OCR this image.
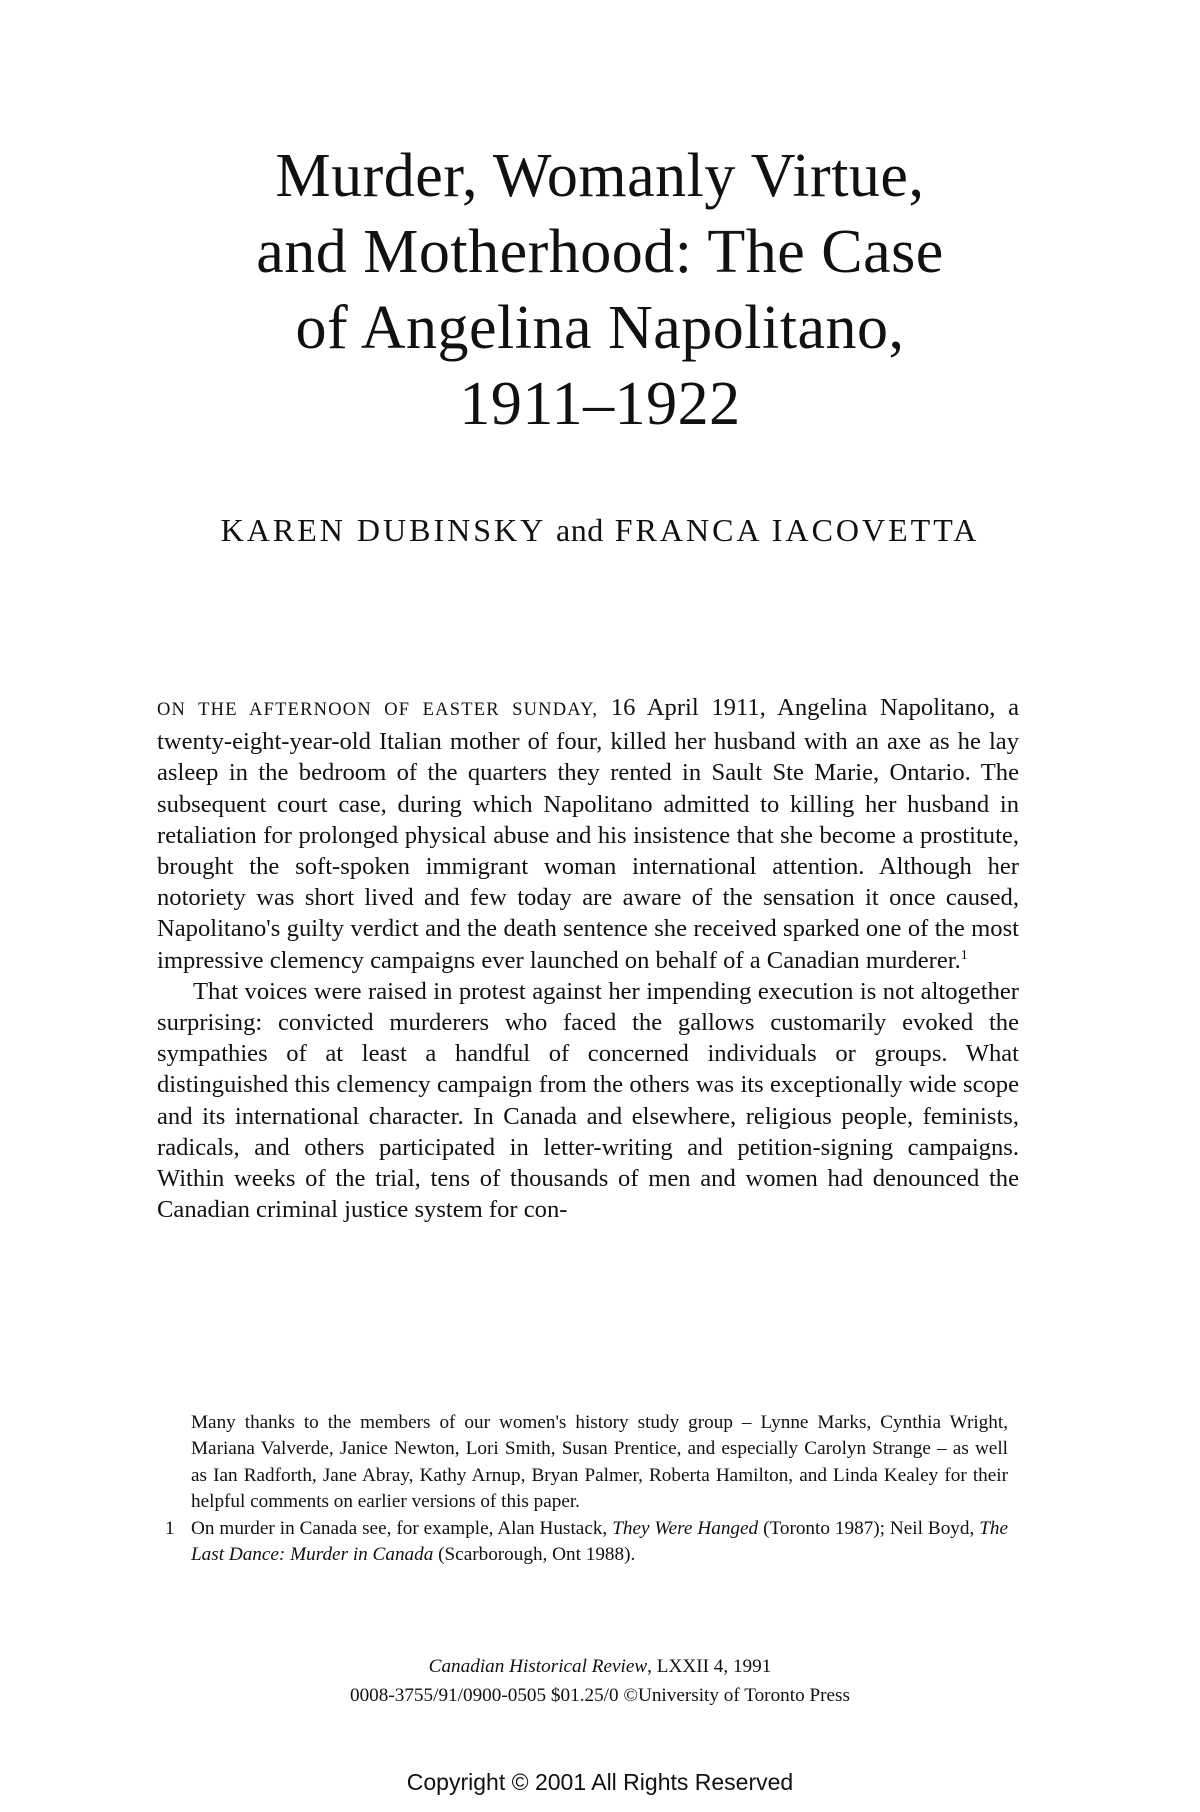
Murder, Womanly Virtue,
and Motherhood: The Case
of Angelina Napolitano,
1911–1922
KAREN DUBINSKY and FRANCA IACOVETTA

ON THE AFTERNOON OF EASTER SUNDAY, 16 April 1911, Angelina Napolitano, a twenty-eight-year-old Italian mother of four, killed her husband with an axe as he lay asleep in the bedroom of the quarters they rented in Sault Ste Marie, Ontario. The subsequent court case, during which Napolitano admitted to killing her husband in retaliation for prolonged physical abuse and his insistence that she become a prostitute, brought the soft-spoken immigrant woman international attention. Although her notoriety was short lived and few today are aware of the sensation it once caused, Napolitano's guilty verdict and the death sentence she received sparked one of the most impressive clemency campaigns ever launched on behalf of a Canadian murderer.$^1$

That voices were raised in protest against her impending execution is not altogether surprising: convicted murderers who faced the gallows customarily evoked the sympathies of at least a handful of concerned individuals or groups. What distinguished this clemency campaign from the others was its exceptionally wide scope and its international character. In Canada and elsewhere, religious people, feminists, radicals, and others participated in letter-writing and petition-signing campaigns. Within weeks of the trial, tens of thousands of men and women had denounced the Canadian criminal justice system for con-

Many thanks to the members of our women's history study group – Lynne Marks, Cynthia Wright, Mariana Valverde, Janice Newton, Lori Smith, Susan Prentice, and especially Carolyn Strange – as well as Ian Radforth, Jane Abray, Kathy Arnup, Bryan Palmer, Roberta Hamilton, and Linda Kealey for their helpful comments on earlier versions of this paper.

1 On murder in Canada see, for example, Alan Hustack, They Were Hanged (Toronto 1987); Neil Boyd, The Last Dance: Murder in Canada (Scarborough, Ont 1988).

Canadian Historical Review, LXXII 4, 1991
0008-3755/91/0900-0505 $01.25/0 ©University of Toronto Press
Copyright © 2001 All Rights Reserved
